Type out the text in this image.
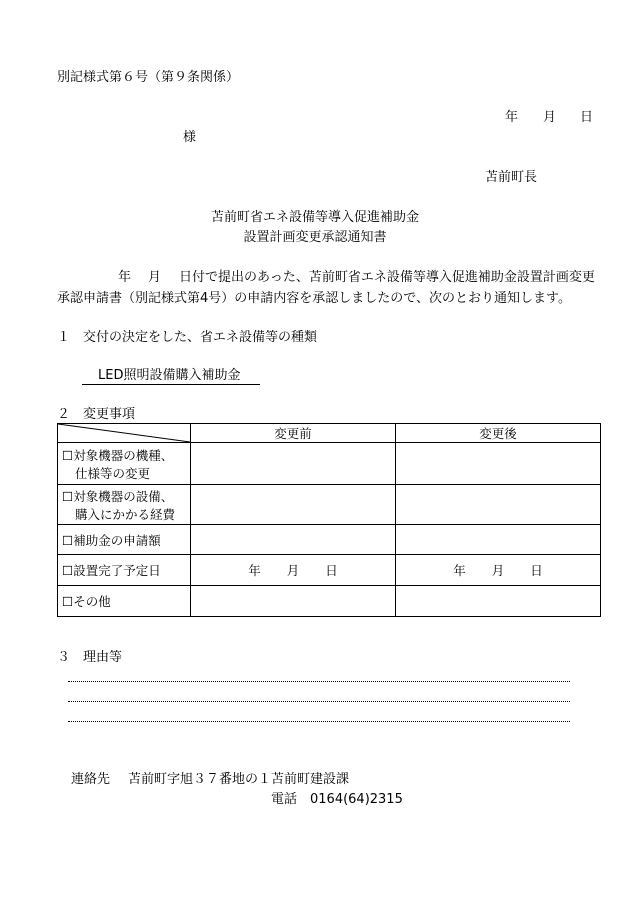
別記様式第６号（第９条関係）
年 月 日
様
苫前町長
苫前町省エネ設備等導入促進補助金
設置計画変更承認通知書
年 月 日付で提出のあった、苫前町省エネ設備等導入促進補助金設置計画変更
承認申請書（別記様式第4号）の申請内容を承認しましたので、次のとおり通知します。
１　交付の決定をした、省エネ設備等の種類
LED照明設備購入補助金
２　変更事項
	変更前	変更後

☐対象機器の機種、
仕様等の変更		

☐対象機器の設備、
購入にかかる経費		

☐補助金の申請額		
☐設置完了予定日	年 月 日	年 月 日
☐その他		
３　理由等
連絡先 苫前町字旭３７番地の１ 苫前町建設課
電話　0164(64)2315
